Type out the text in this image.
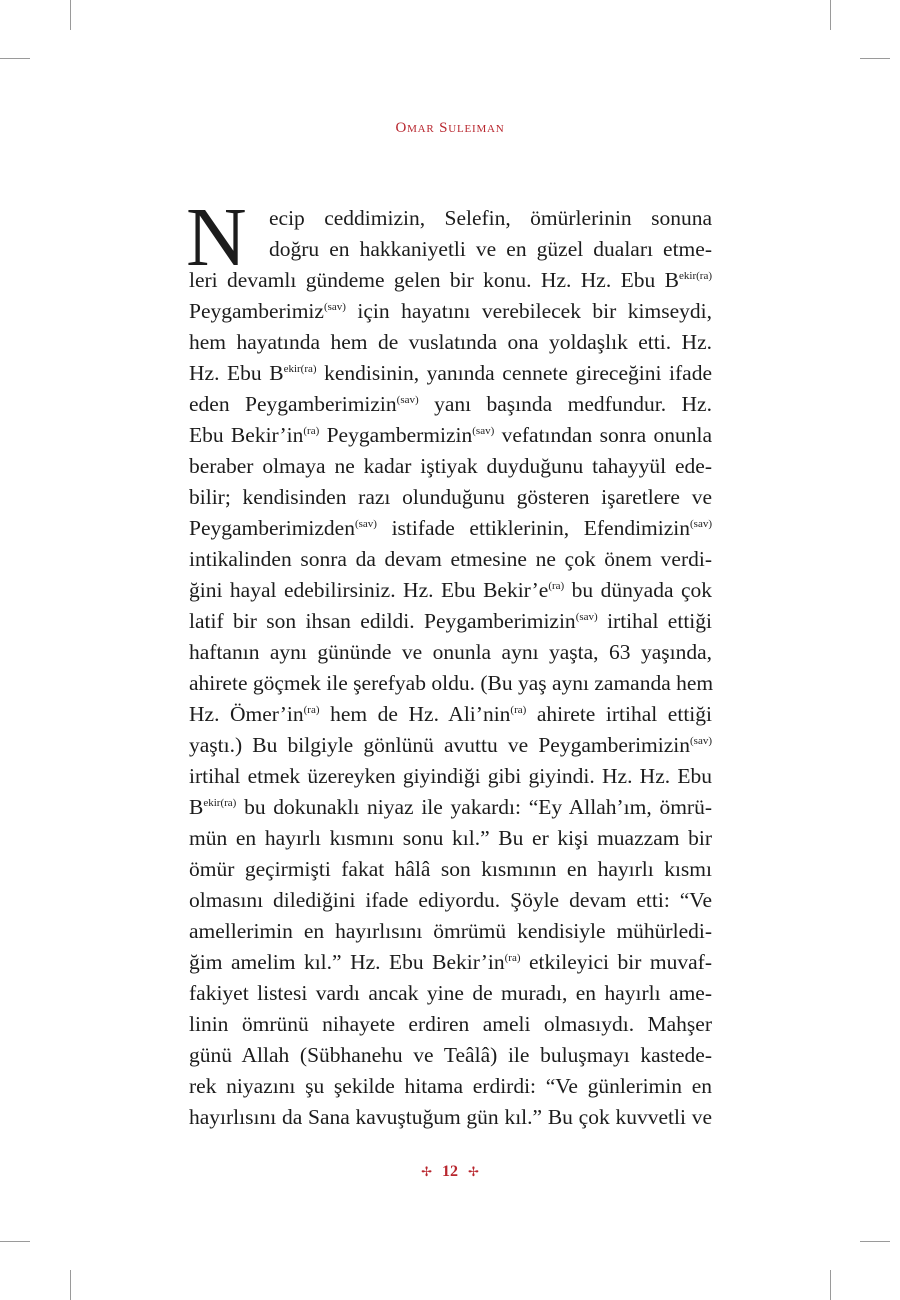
Omar Suleiman
N	ecip ceddimizin, Selefin, ömürlerinin sonuna
doğru en hakkaniyetli ve en güzel duaları etme-
leri devamlı gündeme gelen bir konu. Hz. Hz. Ebu $B^{ekir(ra)}$
Peygamberimiz$^{(sav)}$ için hayatını verebilecek bir kimseydi,
hem hayatında hem de vuslatında ona yoldaşlık etti. Hz.
Hz. Ebu $B^{ekir(ra)}$ kendisinin, yanında cennete gireceğini ifade
eden Peygamberimizin$^{(sav)}$ yanı başında medfundur. Hz.
Ebu $Bekir’in^{(ra)}$ Peygambermizin$^{(sav)}$ vefatından sonra onunla
beraber olmaya ne kadar iştiyak duyduğunu tahayyül ede-
bilir; kendisinden razı olunduğunu gösteren işaretlere ve
Peygamberimizden$^{(sav)}$ istifade ettiklerinin, Efendimizin$^{(sav)}$
intikalinden sonra da devam etmesine ne çok önem verdi-
ğini hayal edebilirsiniz. Hz. Ebu $Bekir’e^{(ra)}$ bu dünyada çok
latif bir son ihsan edildi. Peygamberimizin$^{(sav)}$ irtihal ettiği
haftanın aynı gününde ve onunla aynı yaşta, 63 yaşında,
ahirete göçmek ile şerefyab oldu. (Bu yaş aynı zamanda hem
Hz. $Ömer’in^{(ra)}$ hem de Hz. Ali’nin$^{(ra)}$ ahirete irtihal ettiği
yaştı.) Bu bilgiyle gönlünü avuttu ve Peygamberimizin$^{(sav)}$
irtihal etmek üzereyken giyindiği gibi giyindi. Hz. Hz. Ebu
$B^{ekir(ra)}$ bu dokunaklı niyaz ile yakardı: “Ey Allah’ım, ömrü-
mün en hayırlı kısmını sonu kıl.” Bu er kişi muazzam bir
ömür geçirmişti fakat hâlâ son kısmının en hayırlı kısmı
olmasını dilediğini ifade ediyordu. Şöyle devam etti: “Ve
amellerimin en hayırlısını ömrümü kendisiyle mühürledi-
ğim amelim kıl.” Hz. Ebu $Bekir’in^{(ra)}$ etkileyici bir muvaf-
fakiyet listesi vardı ancak yine de muradı, en hayırlı ame-
linin ömrünü nihayete erdiren ameli olmasıydı. Mahşer
günü Allah (Sübhanehu ve Teâlâ) ile buluşmayı kastede-
rek niyazını şu şekilde hitama erdirdi: “Ve günlerimin en
hayırlısını da Sana kavuştuğum gün kıl.” Bu çok kuvvetli ve
✢ 12 ✢
